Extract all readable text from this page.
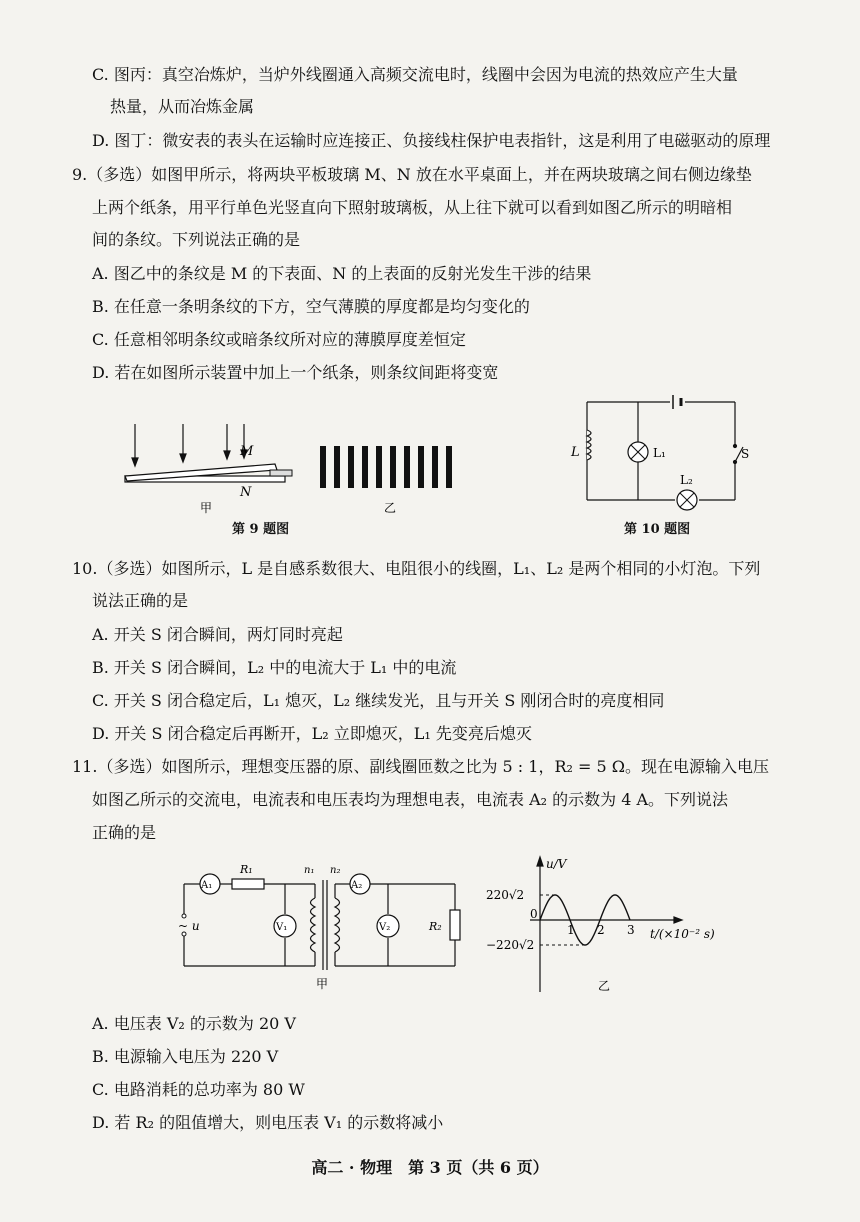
C. 图丙：真空冶炼炉，当炉外线圈通入高频交流电时，线圈中会因为电流的热效应产生大量
热量，从而冶炼金属
D. 图丁：微安表的表头在运输时应连接正、负接线柱保护电表指针，这是利用了电磁驱动的原理
9.（多选）如图甲所示，将两块平板玻璃 M、N 放在水平桌面上，并在两块玻璃之间右侧边缘垫
上两个纸条，用平行单色光竖直向下照射玻璃板，从上往下就可以看到如图乙所示的明暗相
间的条纹。下列说法正确的是
A. 图乙中的条纹是 M 的下表面、N 的上表面的反射光发生干涉的结果
B. 在任意一条明条纹的下方，空气薄膜的厚度都是均匀变化的
C. 任意相邻明条纹或暗条纹所对应的薄膜厚度差恒定
D. 若在如图所示装置中加上一个纸条，则条纹间距将变宽
M
N
甲	乙
第 9 题图
L	L₁
L₂
S
第 10 题图
10.（多选）如图所示，L 是自感系数很大、电阻很小的线圈，L₁、L₂ 是两个相同的小灯泡。下列
说法正确的是
A. 开关 S 闭合瞬间，两灯同时亮起
B. 开关 S 闭合瞬间，L₂ 中的电流大于 L₁ 中的电流
C. 开关 S 闭合稳定后，L₁ 熄灭，L₂ 继续发光，且与开关 S 刚闭合时的亮度相同
D. 开关 S 闭合稳定后再断开，L₂ 立即熄灭，L₁ 先变亮后熄灭
11.（多选）如图所示，理想变压器的原、副线圈匝数之比为 5 : 1，R₂ = 5 Ω。现在电源输入电压
如图乙所示的交流电，电流表和电压表均为理想电表，电流表 A₂ 的示数为 4 A。下列说法
正确的是
~ u
A₁
R₁
V₁
n₁ n₂
A₂
V₂	R₂
甲
220√2
−220√2
0
1 2 3
u/V
t/(×10⁻² s)
乙
A. 电压表 V₂ 的示数为 20 V
B. 电源输入电压为 220 V
C. 电路消耗的总功率为 80 W
D. 若 R₂ 的阻值增大，则电压表 V₁ 的示数将减小
高二 · 物理　第 3 页（共 6 页）
